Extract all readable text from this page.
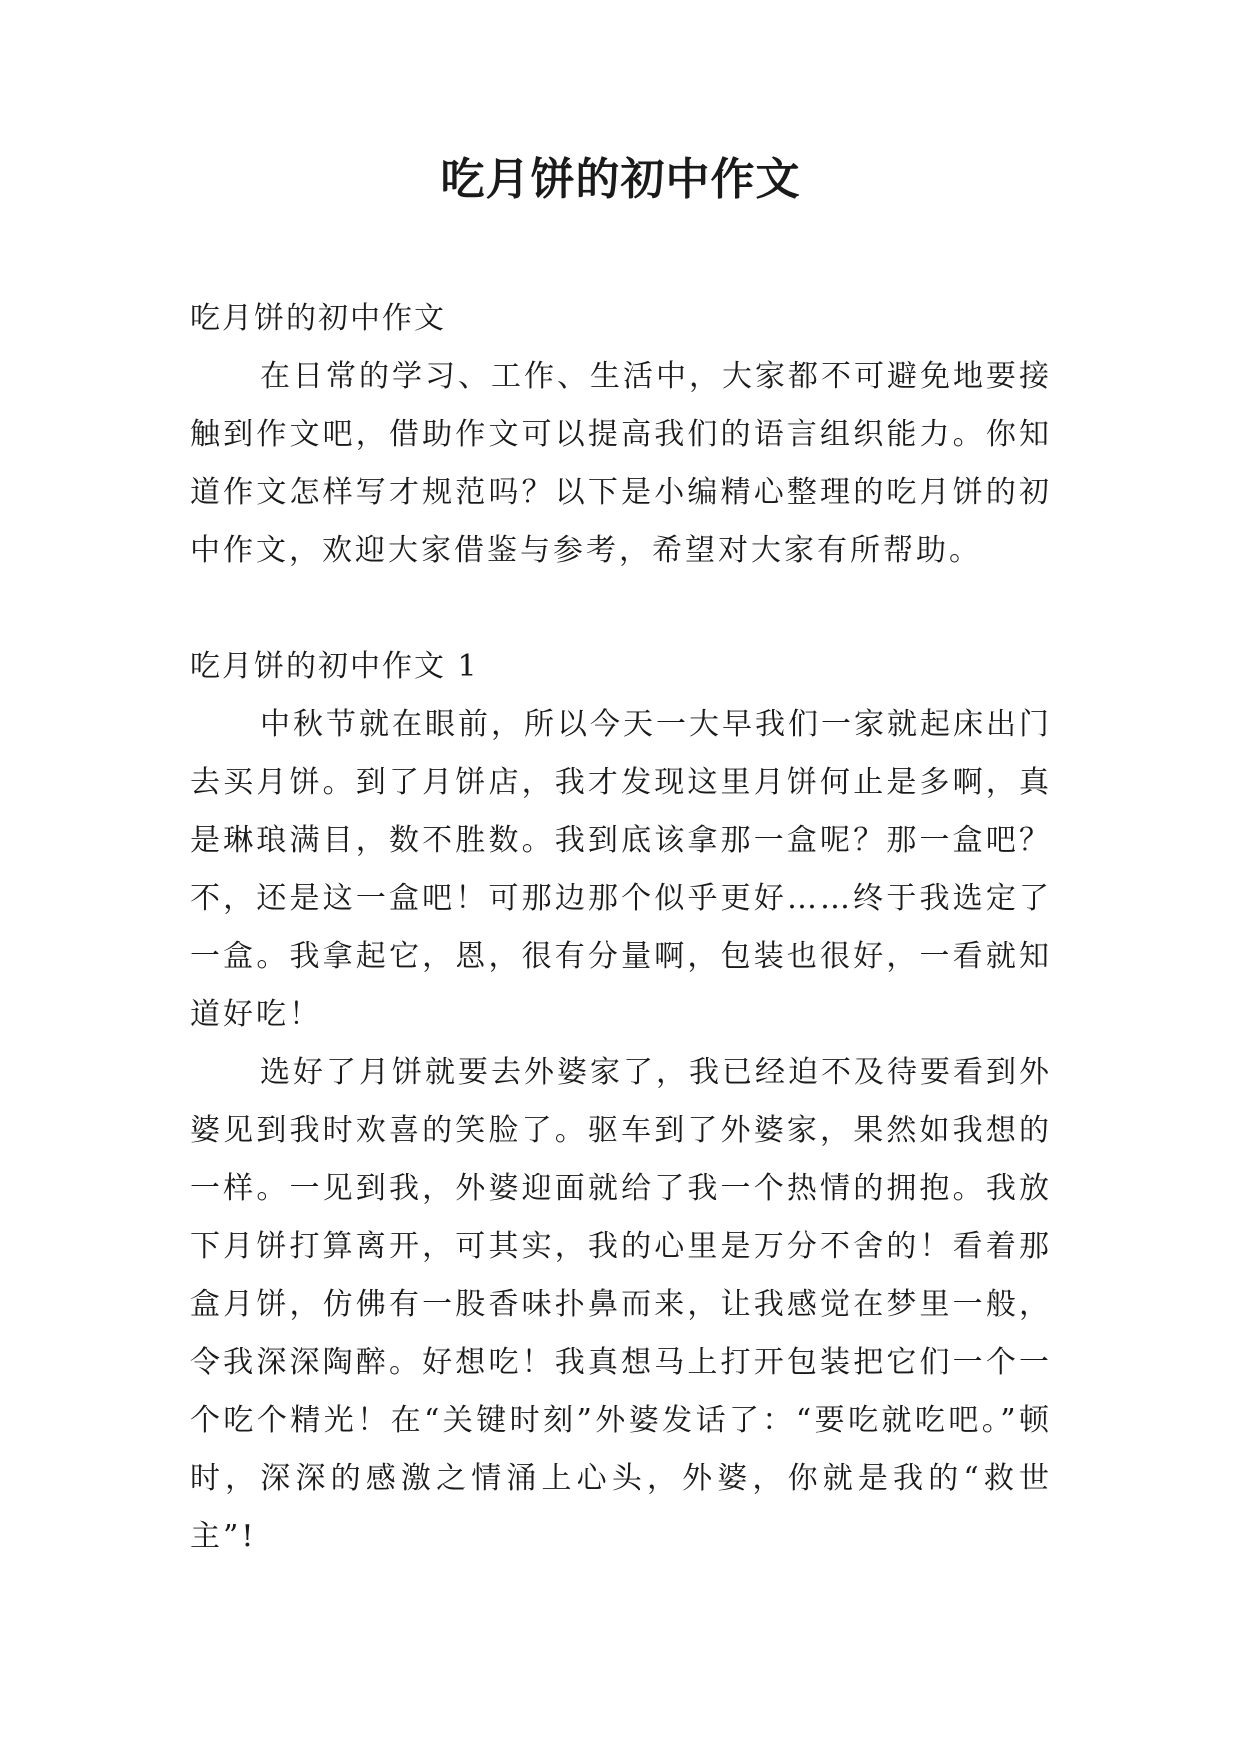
吃月饼的初中作文

吃月饼的初中作文

在日常的学习、工作、生活中，大家都不可避免地要接触到作文吧，借助作文可以提高我们的语言组织能力。你知道作文怎样写才规范吗？以下是小编精心整理的吃月饼的初中作文，欢迎大家借鉴与参考，希望对大家有所帮助。

吃月饼的初中作文 1

中秋节就在眼前，所以今天一大早我们一家就起床出门去买月饼。到了月饼店，我才发现这里月饼何止是多啊，真是琳琅满目，数不胜数。我到底该拿那一盒呢？那一盒吧？不，还是这一盒吧！可那边那个似乎更好……终于我选定了一盒。我拿起它，恩，很有分量啊，包装也很好，一看就知道好吃！

选好了月饼就要去外婆家了，我已经迫不及待要看到外婆见到我时欢喜的笑脸了。驱车到了外婆家，果然如我想的一样。一见到我，外婆迎面就给了我一个热情的拥抱。我放下月饼打算离开，可其实，我的心里是万分不舍的！看着那盒月饼，仿佛有一股香味扑鼻而来，让我感觉在梦里一般，令我深深陶醉。好想吃！我真想马上打开包装把它们一个一个吃个精光！在“关键时刻”外婆发话了：“要吃就吃吧。”顿时，深深的感激之情涌上心头，外婆，你就是我的“救世主”!
